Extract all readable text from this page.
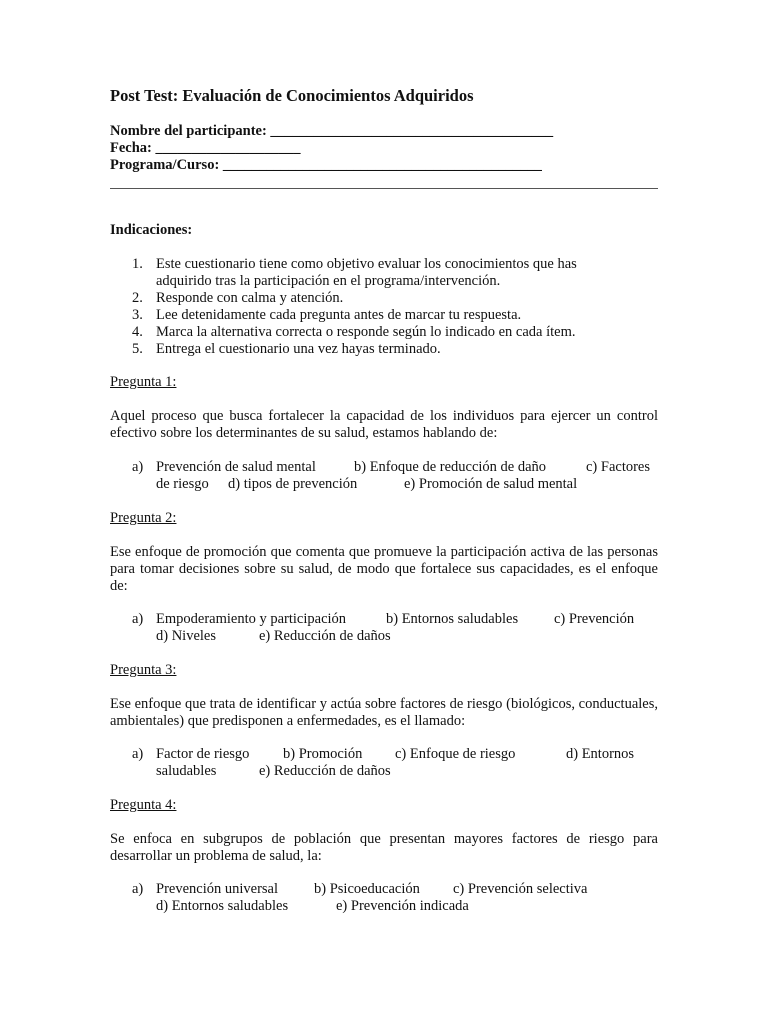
Post Test: Evaluación de Conocimientos Adquiridos
Nombre del participante: _______________________________________
Fecha: ____________________
Programa/Curso: ____________________________________________
Indicaciones:
1. Este cuestionario tiene como objetivo evaluar los conocimientos que has adquirido tras la participación en el programa/intervención.
2. Responde con calma y atención.
3. Lee detenidamente cada pregunta antes de marcar tu respuesta.
4. Marca la alternativa correcta o responde según lo indicado en cada ítem.
5. Entrega el cuestionario una vez hayas terminado.
Pregunta 1:
Aquel proceso que busca fortalecer la capacidad de los individuos para ejercer un control efectivo sobre los determinantes de su salud, estamos hablando de:
a) Prevención de salud mental	b) Enfoque de reducción de daño	c) Factores
de riesgo d) tipos de prevención	e) Promoción de salud mental
Pregunta 2:
Ese enfoque de promoción que comenta que promueve la participación activa de las personas para tomar decisiones sobre su salud, de modo que fortalece sus capacidades, es el enfoque de:
a) Empoderamiento y participación	b) Entornos saludables c) Prevención
d) Niveles	e) Reducción de daños
Pregunta 3:
Ese enfoque que trata de identificar y actúa sobre factores de riesgo (biológicos, conductuales, ambientales) que predisponen a enfermedades, es el llamado:
a) Factor de riesgo b) Promoción c) Enfoque de riesgo	d) Entornos
saludables	e) Reducción de daños
Pregunta 4:
Se enfoca en subgrupos de población que presentan mayores factores de riesgo para desarrollar un problema de salud, la:
a) Prevención universal b) Psicoeducación c) Prevención selectiva
d) Entornos saludables	e) Prevención indicada
